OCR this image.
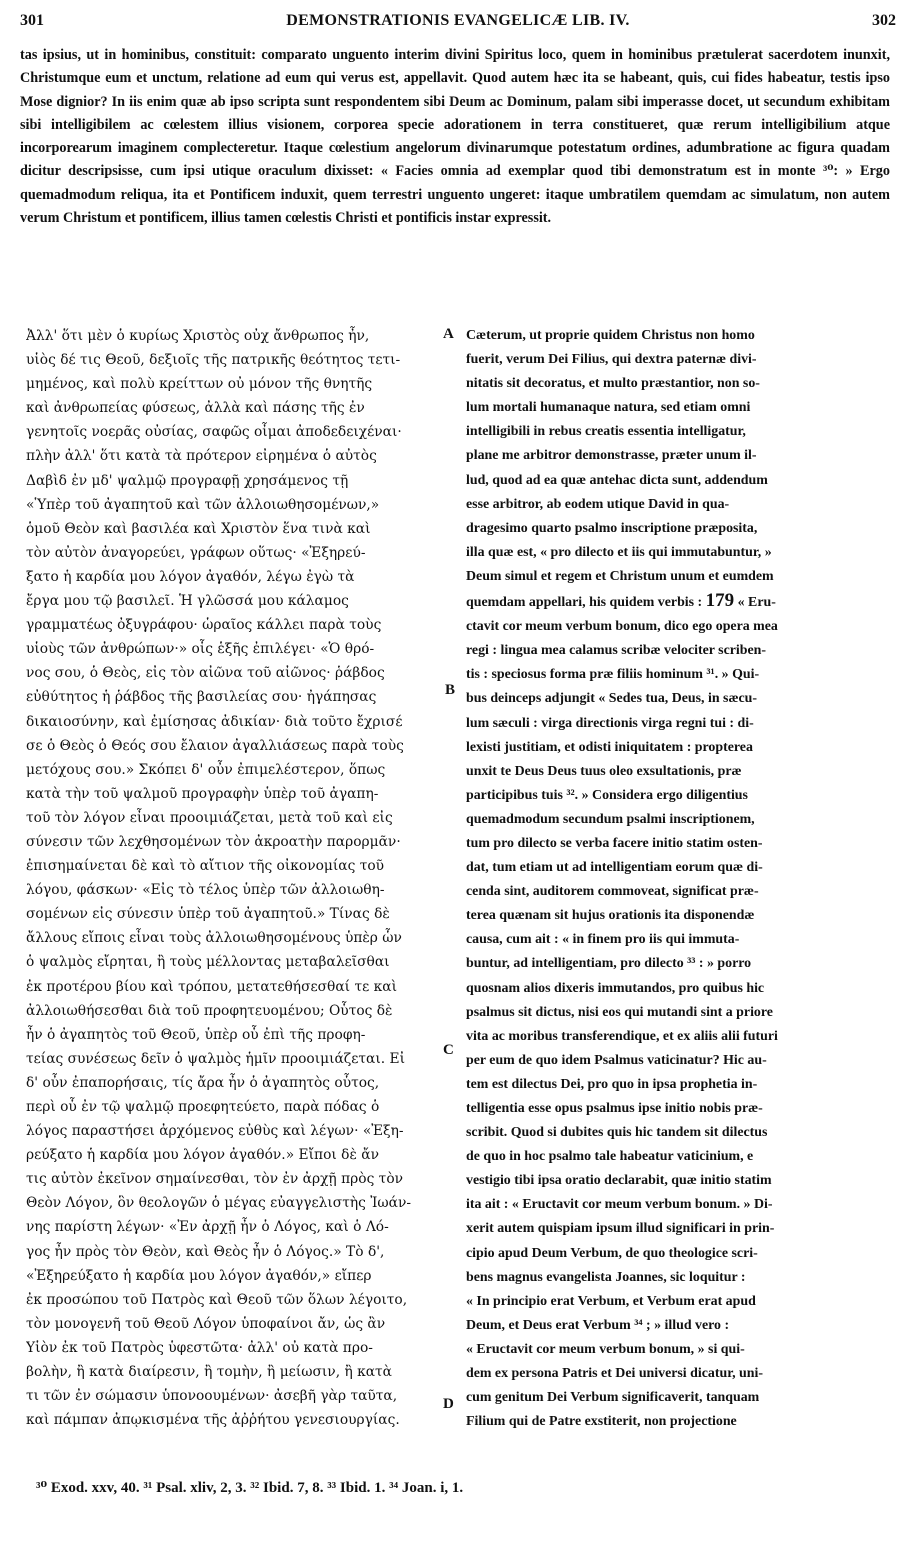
301	DEMONSTRATIONIS EVANGELICÆ LIB. IV.	302

tas ipsius, ut in hominibus, constituit: comparato unguento interim divini Spiritus loco, quem in hominibus prætulerat sacerdotem inunxit, Christumque eum et unctum, relatione ad eum qui verus est, appellavit. Quod autem hæc ita se habeant, quis, cui fides habeatur, testis ipso Mose dignior? In iis enim quæ ab ipso scripta sunt respondentem sibi Deum ac Dominum, palam sibi imperasse docet, ut secundum exhibitam sibi intelligibilem ac cœlestem illius visionem, corporea specie adorationem in terra constitueret, quæ rerum intelligibilium atque incorporearum imaginem complecteretur. Itaque cœlestium angelorum divinarumque potestatum ordines, adumbratione ac figura quadam dicitur descripsisse, cum ipsi utique oraculum dixisset: « Facies omnia ad exemplar quod tibi demonstratum est in monte ³⁰: » Ergo quemadmodum reliqua, ita et Pontificem induxit, quem terrestri unguento ungeret: itaque umbratilem quemdam ac simulatum, non autem verum Christum et pontificem, illius tamen cœlestis Christi et pontificis instar expressit.

Ἀλλ' ὅτι μὲν ὁ κυρίως Χριστὸς οὐχ ἄνθρωπος ἦν,

υἱὸς δέ τις Θεοῦ, δεξιοῖς τῆς πατρικῆς θεότητος τετι-

μημένος, καὶ πολὺ κρείττων οὐ μόνον τῆς θνητῆς

καὶ ἀνθρωπείας φύσεως, ἀλλὰ καὶ πάσης τῆς ἐν

γενητοῖς νοερᾶς οὐσίας, σαφῶς οἶμαι ἀποδεδειχέναι·

πλὴν ἀλλ' ὅτι κατὰ τὰ πρότερον εἰρημένα ὁ αὐτὸς

Δαβὶδ ἐν μδ' ψαλμῷ προγραφῇ χρησάμενος τῇ

«Ὑπὲρ τοῦ ἀγαπητοῦ καὶ τῶν ἀλλοιωθησομένων,»

ὁμοῦ Θεὸν καὶ βασιλέα καὶ Χριστὸν ἕνα τινὰ καὶ

τὸν αὐτὸν ἀναγορεύει, γράφων οὕτως· «Ἐξηρεύ-

ξατο ἡ καρδία μου λόγον ἀγαθόν, λέγω ἐγὼ τὰ

ἔργα μου τῷ βασιλεῖ. Ἡ γλῶσσά μου κάλαμος

γραμματέως ὀξυγράφου· ὡραῖος κάλλει παρὰ τοὺς

υἱοὺς τῶν ἀνθρώπων·» οἷς ἑξῆς ἐπιλέγει· «Ὁ θρό-

νος σου, ὁ Θεὸς, εἰς τὸν αἰῶνα τοῦ αἰῶνος· ῥάβδος

εὐθύτητος ἡ ῥάβδος τῆς βασιλείας σου· ἠγάπησας

δικαιοσύνην, καὶ ἐμίσησας ἀδικίαν· διὰ τοῦτο ἔχρισέ

σε ὁ Θεὸς ὁ Θεός σου ἔλαιον ἀγαλλιάσεως παρὰ τοὺς

μετόχους σου.» Σκόπει δ' οὖν ἐπιμελέστερον, ὅπως

κατὰ τὴν τοῦ ψαλμοῦ προγραφὴν ὑπὲρ τοῦ ἀγαπη-

τοῦ τὸν λόγον εἶναι προοιμιάζεται, μετὰ τοῦ καὶ εἰς

σύνεσιν τῶν λεχθησομένων τὸν ἀκροατὴν παρορμᾶν·

ἐπισημαίνεται δὲ καὶ τὸ αἴτιον τῆς οἰκονομίας τοῦ

λόγου, φάσκων· «Εἰς τὸ τέλος ὑπὲρ τῶν ἀλλοιωθη-

σομένων εἰς σύνεσιν ὑπὲρ τοῦ ἀγαπητοῦ.» Τίνας δὲ

ἄλλους εἴποις εἶναι τοὺς ἀλλοιωθησομένους ὑπὲρ ὧν

ὁ ψαλμὸς εἴρηται, ἢ τοὺς μέλλοντας μεταβαλεῖσθαι

ἐκ προτέρου βίου καὶ τρόπου, μετατεθήσεσθαί τε καὶ

ἀλλοιωθήσεσθαι διὰ τοῦ προφητευομένου; Οὗτος δὲ

ἦν ὁ ἀγαπητὸς τοῦ Θεοῦ, ὑπὲρ οὗ ἐπὶ τῆς προφη-

τείας συνέσεως δεῖν ὁ ψαλμὸς ἡμῖν προοιμιάζεται. Εἰ

δ' οὖν ἐπαπορήσαις, τίς ἄρα ἦν ὁ ἀγαπητὸς οὗτος,

περὶ οὗ ἐν τῷ ψαλμῷ προεφητεύετο, παρὰ πόδας ὁ

λόγος παραστήσει ἀρχόμενος εὐθὺς καὶ λέγων· «Ἐξη-

ρεύξατο ἡ καρδία μου λόγον ἀγαθόν.» Εἴποι δὲ ἄν

τις αὐτὸν ἐκεῖνον σημαίνεσθαι, τὸν ἐν ἀρχῇ πρὸς τὸν

Θεὸν Λόγον, ὃν θεολογῶν ὁ μέγας εὐαγγελιστὴς Ἰωάν-

νης παρίστη λέγων· «Ἐν ἀρχῇ ἦν ὁ Λόγος, καὶ ὁ Λό-

γος ἦν πρὸς τὸν Θεὸν, καὶ Θεὸς ἦν ὁ Λόγος.» Τὸ δ',

«Ἐξηρεύξατο ἡ καρδία μου λόγον ἀγαθόν,» εἴπερ

ἐκ προσώπου τοῦ Πατρὸς καὶ Θεοῦ τῶν ὅλων λέγοιτο,

τὸν μονογενῆ τοῦ Θεοῦ Λόγον ὑποφαίνοι ἄν, ὡς ἂν

Υἱὸν ἐκ τοῦ Πατρὸς ὑφεστῶτα· ἀλλ' οὐ κατὰ προ-

βολὴν, ἢ κατὰ διαίρεσιν, ἢ τομὴν, ἢ μείωσιν, ἢ κατὰ

τι τῶν ἐν σώμασιν ὑπονοουμένων· ἀσεβῆ γὰρ ταῦτα,

καὶ πάμπαν ἀπῳκισμένα τῆς ἀῤῥήτου γενεσιουργίας.

Cæterum, ut proprie quidem Christus non homo

fuerit, verum Dei Filius, qui dextra paternæ divi-

nitatis sit decoratus, et multo præstantior, non so-

lum mortali humanaque natura, sed etiam omni

intelligibili in rebus creatis essentia intelligatur,

plane me arbitror demonstrasse, præter unum il-

lud, quod ad ea quæ antehac dicta sunt, addendum

esse arbitror, ab eodem utique David in qua-

dragesimo quarto psalmo inscriptione præposita,

illa quæ est, « pro dilecto et iis qui immutabuntur, »

Deum simul et regem et Christum unum et eumdem

quemdam appellari, his quidem verbis : 179 « Eru-

ctavit cor meum verbum bonum, dico ego opera mea

regi : lingua mea calamus scribæ velociter scriben-

tis : speciosus forma præ filiis hominum ³¹. » Qui-

bus deinceps adjungit « Sedes tua, Deus, in sæcu-

lum sæculi : virga directionis virga regni tui : di-

lexisti justitiam, et odisti iniquitatem : propterea

unxit te Deus Deus tuus oleo exsultationis, præ

participibus tuis ³². » Considera ergo diligentius

quemadmodum secundum psalmi inscriptionem,

tum pro dilecto se verba facere initio statim osten-

dat, tum etiam ut ad intelligentiam eorum quæ di-

cenda sint, auditorem commoveat, significat præ-

terea quænam sit hujus orationis ita disponendæ

causa, cum ait : « in finem pro iis qui immuta-

buntur, ad intelligentiam, pro dilecto ³³ : » porro

quosnam alios dixeris immutandos, pro quibus hic

psalmus sit dictus, nisi eos qui mutandi sint a priore

vita ac moribus transferendique, et ex aliis alii futuri

per eum de quo idem Psalmus vaticinatur? Hic au-

tem est dilectus Dei, pro quo in ipsa prophetia in-

telligentia esse opus psalmus ipse initio nobis præ-

scribit. Quod si dubites quis hic tandem sit dilectus

de quo in hoc psalmo tale habeatur vaticinium, e

vestigio tibi ipsa oratio declarabit, quæ initio statim

ita ait : « Eructavit cor meum verbum bonum. » Di-

xerit autem quispiam ipsum illud significari in prin-

cipio apud Deum Verbum, de quo theologice scri-

bens magnus evangelista Joannes, sic loquitur :

« In principio erat Verbum, et Verbum erat apud

Deum, et Deus erat Verbum ³⁴ ; » illud vero :

« Eructavit cor meum verbum bonum, » si qui-

dem ex persona Patris et Dei universi dicatur, uni-

cum genitum Dei Verbum significaverit, tanquam

Filium qui de Patre exstiterit, non projectione

A
B
C
D
³⁰ Exod. xxv, 40. ³¹ Psal. xliv, 2, 3. ³² Ibid. 7, 8. ³³ Ibid. 1. ³⁴ Joan. i, 1.
